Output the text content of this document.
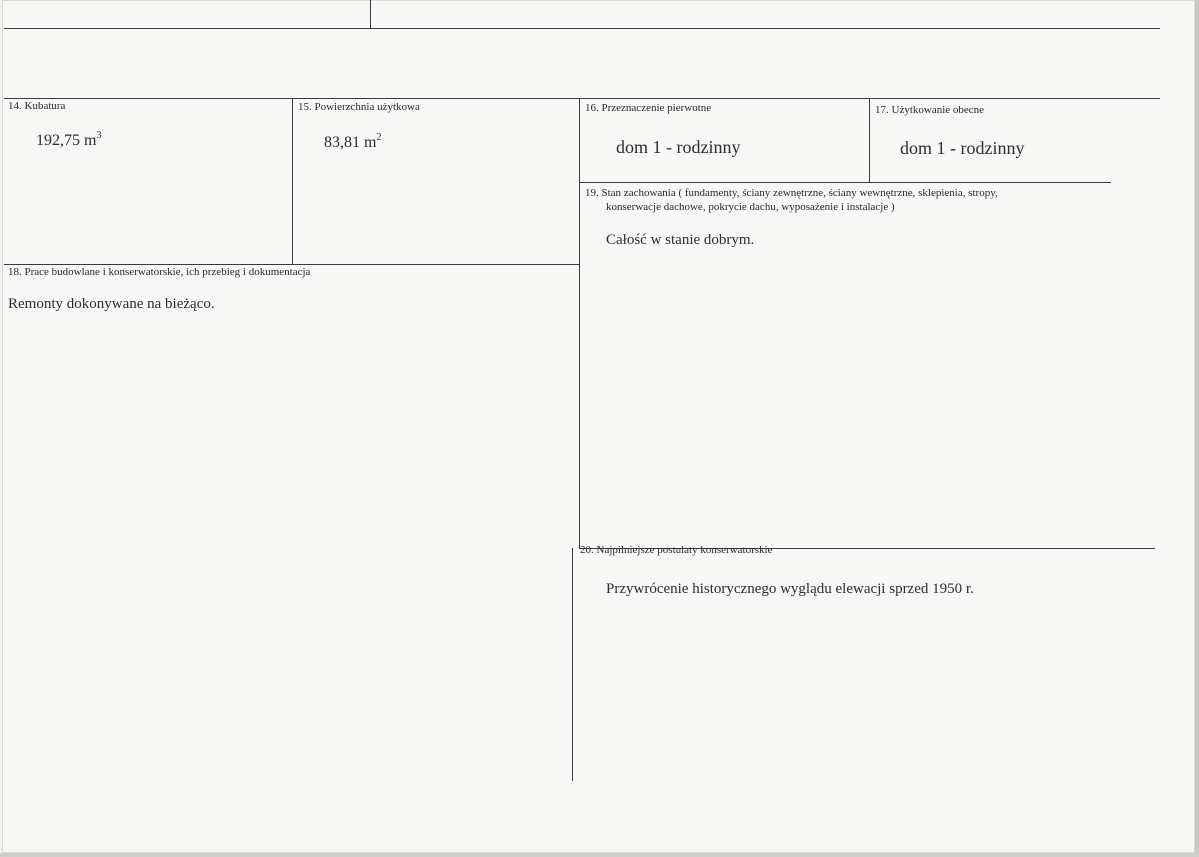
14. Kubatura
192,75 $m^3$
15. Powierzchnia użytkowa
83,81 $m^2$
16. Przeznaczenie pierwotne
dom 1 - rodzinny
17. Użytkowanie obecne
dom 1 - rodzinny
19. Stan zachowania ( fundamenty, ściany zewnętrzne, ściany wewnętrzne, sklepienia, stropy,
konserwacje dachowe, pokrycie dachu, wyposażenie i instalacje )
Całość w stanie dobrym.
18. Prace budowlane i konserwatorskie, ich przebieg i dokumentacja
Remonty dokonywane na bieżąco.
20. Najpilniejsze postulaty konserwatorskie
Przywrócenie historycznego wyglądu elewacji sprzed 1950 r.
